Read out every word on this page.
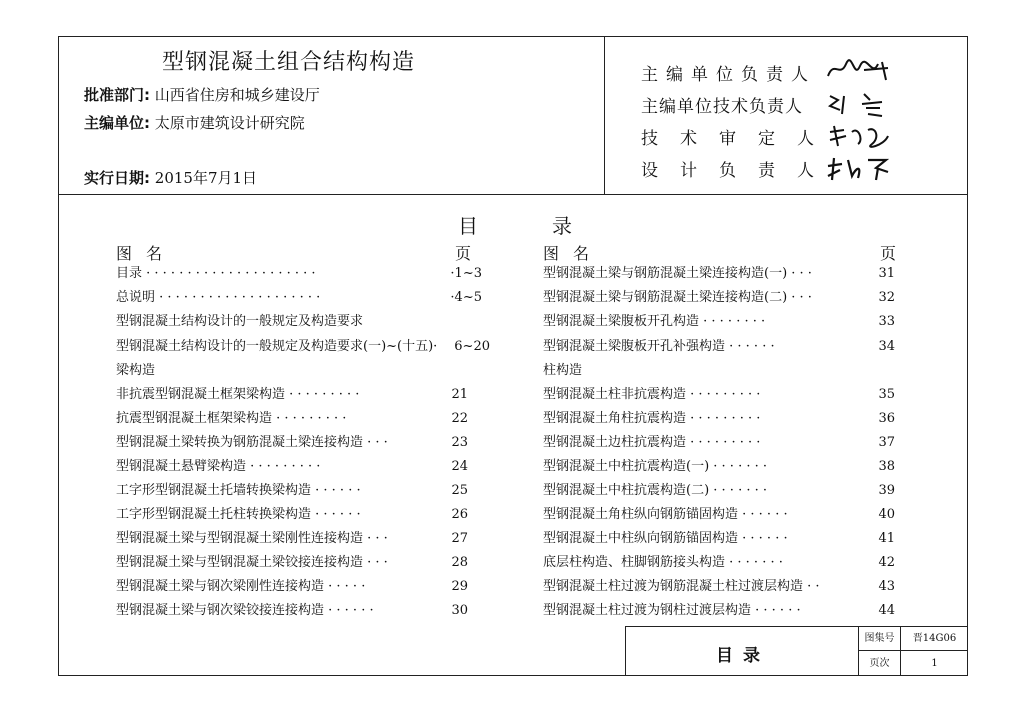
型钢混凝土组合结构构造
批准部门: 山西省住房和城乡建设厅
主编单位: 太原市建筑设计研究院
实行日期: 2015年7月1日
主编单位负责人
主编单位技术负责人
技术审定人
设计负责人
目	录
图 名	页	图 名	页
目录 · · · · · · · · · · · · · · · · · · · · ·	·1~3
总说明 · · · · · · · · · · · · · · · · · · · ·	·4~5
型钢混凝土结构设计的一般规定及构造要求
型钢混凝土结构设计的一般规定及构造要求(一)~(十五)· 6~20
梁构造
非抗震型钢混凝土框架梁构造 · · · · · · · · ·	21
抗震型钢混凝土框架梁构造 · · · · · · · · ·	22
型钢混凝土梁转换为钢筋混凝土梁连接构造 · · ·	23
型钢混凝土悬臂梁构造 · · · · · · · · ·	24
工字形型钢混凝土托墙转换梁构造 · · · · · ·	25
工字形型钢混凝土托柱转换梁构造 · · · · · ·	26
型钢混凝土梁与型钢混凝土梁刚性连接构造 · · ·	27
型钢混凝土梁与型钢混凝土梁铰接连接构造 · · ·	28
型钢混凝土梁与钢次梁刚性连接构造 · · · · ·	29
型钢混凝土梁与钢次梁铰接连接构造 · · · · · ·	30
型钢混凝土梁与钢筋混凝土梁连接构造(一) · · ·	31
型钢混凝土梁与钢筋混凝土梁连接构造(二) · · ·	32
型钢混凝土梁腹板开孔构造 · · · · · · · ·	33
型钢混凝土梁腹板开孔补强构造 · · · · · ·	34
柱构造
型钢混凝土柱非抗震构造 · · · · · · · · ·	35
型钢混凝土角柱抗震构造 · · · · · · · · ·	36
型钢混凝土边柱抗震构造 · · · · · · · · ·	37
型钢混凝土中柱抗震构造(一) · · · · · · ·	38
型钢混凝土中柱抗震构造(二) · · · · · · ·	39
型钢混凝土角柱纵向钢筋锚固构造 · · · · · ·	40
型钢混凝土中柱纵向钢筋锚固构造 · · · · · ·	41
底层柱构造、柱脚钢筋接头构造 · · · · · · ·	42
型钢混凝土柱过渡为钢筋混凝土柱过渡层构造 · ·	43
型钢混凝土柱过渡为钢柱过渡层构造 · · · · · ·	44
目录
图集号	晋14G06
页次	1
